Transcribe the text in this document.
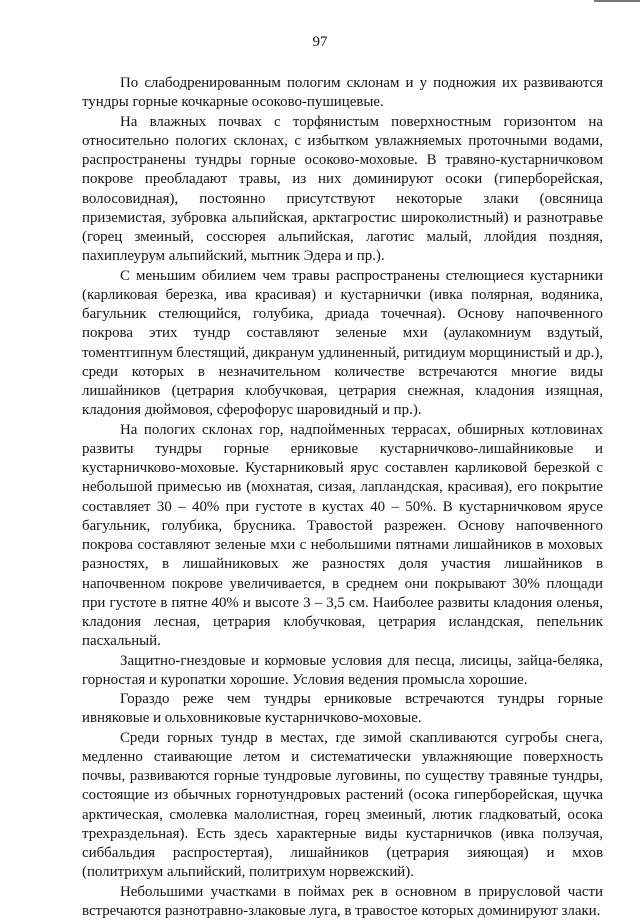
97

По слабодренированным пологим склонам и у подножия их развиваются тундры горные кочкарные осоково-пушицевые.

На влажных почвах с торфянистым поверхностным горизонтом на относительно пологих склонах, с избытком увлажняемых проточными водами, распространены тундры горные осоково-моховые. В травяно-кустарничковом покрове преобладают травы, из них доминируют осоки (гиперборейская, волосовидная), постоянно присутствуют некоторые злаки (овсяница приземистая, зубровка альпийская, арктагростис широколистный) и разнотравье (горец змеиный, соссюрея альпийская, лаготис малый, ллойдия поздняя, пахиплеурум альпийский, мытник Эдера и пр.).

С меньшим обилием чем травы распространены стелющиеся кустарники (карликовая березка, ива красивая) и кустарнички (ивка полярная, водяника, багульник стелющийся, голубика, дриада точечная). Основу напочвенного покрова этих тундр составляют зеленые мхи (аулакомниум вздутый, томентгипнум блестящий, дикранум удлиненный, ритидиум морщинистый и др.), среди которых в незначительном количестве встречаются многие виды лишайников (цетрария клобучковая, цетрария снежная, кладония изящная, кладония дюймовоя, сферофорус шаровидный и пр.).

На пологих склонах гор, надпойменных террасах, обширных котловинах развиты тундры горные ерниковые кустарничково-лишайниковые и кустарничково-моховые. Кустарниковый ярус составлен карликовой березкой с небольшой примесью ив (мохнатая, сизая, лапландская, красивая), его покрытие составляет 30 – 40% при густоте в кустах 40 – 50%. В кустарничковом ярусе багульник, голубика, брусника. Травостой разрежен. Основу напочвенного покрова составляют зеленые мхи с небольшими пятнами лишайников в моховых разностях, в лишайниковых же разностях доля участия лишайников в напочвенном покрове увеличивается, в среднем они покрывают 30% площади при густоте в пятне 40% и высоте 3 – 3,5 см. Наиболее развиты кладония оленья, кладония лесная, цетрария клобучковая, цетрария исландская, пепельник пасхальный.

Защитно-гнездовые и кормовые условия для песца, лисицы, зайца-беляка, горностая и куропатки хорошие. Условия ведения промысла хорошие.

Гораздо реже чем тундры ерниковые встречаются тундры горные ивняковые и ольховниковые кустарничково-моховые.

Среди горных тундр в местах, где зимой скапливаются сугробы снега, медленно стаивающие летом и систематически увлажняющие поверхность почвы, развиваются горные тундровые луговины, по существу травяные тундры, состоящие из обычных горнотундровых растений (осока гиперборейская, щучка арктическая, смолевка малолистная, горец змеиный, лютик гладковатый, осока трехраздельная). Есть здесь характерные виды кустарничков (ивка ползучая, сиббальдия распростертая), лишайников (цетрария зияющая) и мхов (политрихум альпийский, политрихум норвежский).

Небольшими участками в поймах рек в основном в прирусловой части встречаются разнотравно-злаковые луга, в травостое которых доминируют злаки.
